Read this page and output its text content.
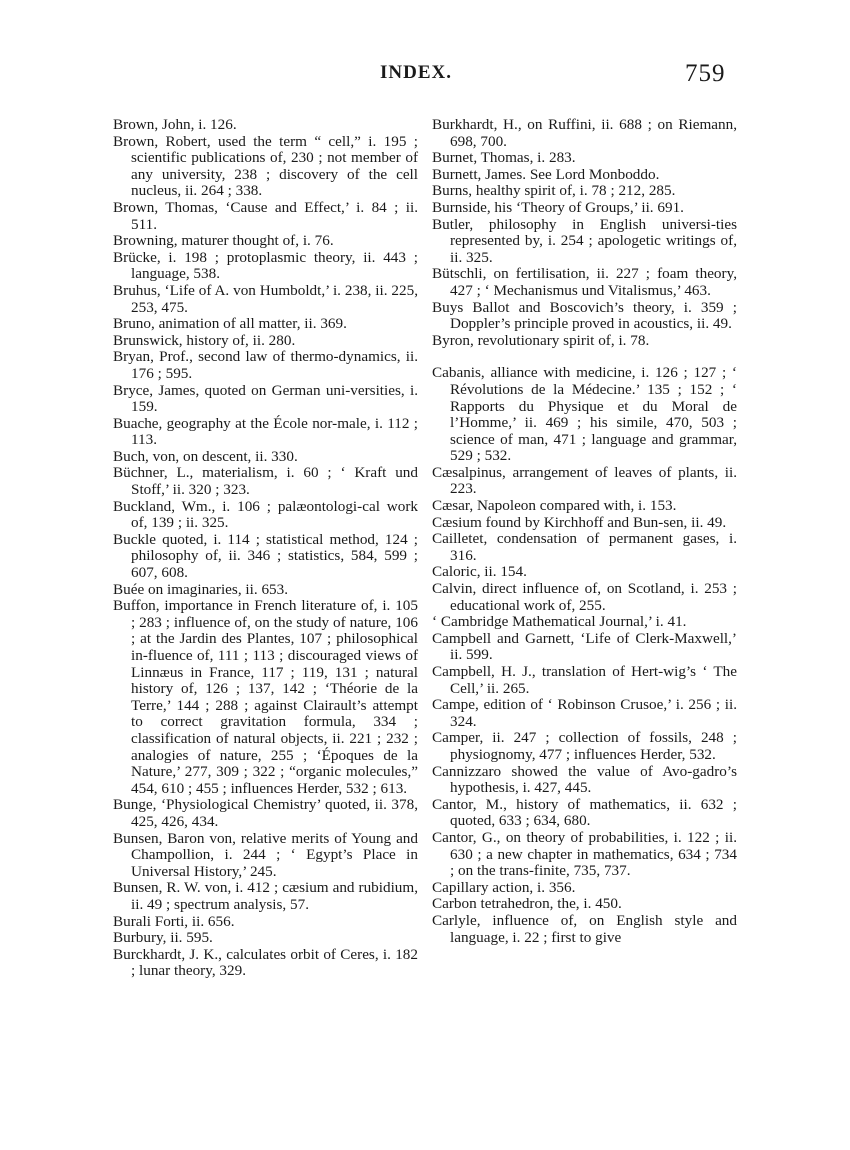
INDEX.	759

Brown, John, i. 126.

Brown, Robert, used the term “ cell,” i. 195 ; scientific publications of, 230 ; not member of any university, 238 ; discovery of the cell nucleus, ii. 264 ; 338.

Brown, Thomas, ‘Cause and Effect,’ i. 84 ; ii. 511.

Browning, maturer thought of, i. 76.

Brücke, i. 198 ; protoplasmic theory, ii. 443 ; language, 538.

Bruhus, ‘Life of A. von Humboldt,’ i. 238, ii. 225, 253, 475.

Bruno, animation of all matter, ii. 369.

Brunswick, history of, ii. 280.

Bryan, Prof., second law of thermo-dynamics, ii. 176 ; 595.

Bryce, James, quoted on German uni-versities, i. 159.

Buache, geography at the École nor-male, i. 112 ; 113.

Buch, von, on descent, ii. 330.

Büchner, L., materialism, i. 60 ; ‘ Kraft und Stoff,’ ii. 320 ; 323.

Buckland, Wm., i. 106 ; palæontologi-cal work of, 139 ; ii. 325.

Buckle quoted, i. 114 ; statistical method, 124 ; philosophy of, ii. 346 ; statistics, 584, 599 ; 607, 608.

Buée on imaginaries, ii. 653.

Buffon, importance in French literature of, i. 105 ; 283 ; influence of, on the study of nature, 106 ; at the Jardin des Plantes, 107 ; philosophical in-fluence of, 111 ; 113 ; discouraged views of Linnæus in France, 117 ; 119, 131 ; natural history of, 126 ; 137, 142 ; ‘Théorie de la Terre,’ 144 ; 288 ; against Clairault’s attempt to correct gravitation formula, 334 ; classification of natural objects, ii. 221 ; 232 ; analogies of nature, 255 ; ‘Époques de la Nature,’ 277, 309 ; 322 ; “organic molecules,” 454, 610 ; 455 ; influences Herder, 532 ; 613.

Bunge, ‘Physiological Chemistry’ quoted, ii. 378, 425, 426, 434.

Bunsen, Baron von, relative merits of Young and Champollion, i. 244 ; ‘ Egypt’s Place in Universal History,’ 245.

Bunsen, R. W. von, i. 412 ; cæsium and rubidium, ii. 49 ; spectrum analysis, 57.

Burali Forti, ii. 656.

Burbury, ii. 595.

Burckhardt, J. K., calculates orbit of Ceres, i. 182 ; lunar theory, 329.

Burkhardt, H., on Ruffini, ii. 688 ; on Riemann, 698, 700.

Burnet, Thomas, i. 283.

Burnett, James. See Lord Monboddo.

Burns, healthy spirit of, i. 78 ; 212, 285.

Burnside, his ‘Theory of Groups,’ ii. 691.

Butler, philosophy in English universi-ties represented by, i. 254 ; apologetic writings of, ii. 325.

Bütschli, on fertilisation, ii. 227 ; foam theory, 427 ; ‘ Mechanismus und Vitalismus,’ 463.

Buys Ballot and Boscovich’s theory, i. 359 ; Doppler’s principle proved in acoustics, ii. 49.

Byron, revolutionary spirit of, i. 78.

Cabanis, alliance with medicine, i. 126 ; 127 ; ‘ Révolutions de la Médecine.’ 135 ; 152 ; ‘ Rapports du Physique et du Moral de l’Homme,’ ii. 469 ; his simile, 470, 503 ; science of man, 471 ; language and grammar, 529 ; 532.

Cæsalpinus, arrangement of leaves of plants, ii. 223.

Cæsar, Napoleon compared with, i. 153.

Cæsium found by Kirchhoff and Bun-sen, ii. 49.

Cailletet, condensation of permanent gases, i. 316.

Caloric, ii. 154.

Calvin, direct influence of, on Scotland, i. 253 ; educational work of, 255.

‘ Cambridge Mathematical Journal,’ i. 41.

Campbell and Garnett, ‘Life of Clerk-Maxwell,’ ii. 599.

Campbell, H. J., translation of Hert-wig’s ‘ The Cell,’ ii. 265.

Campe, edition of ‘ Robinson Crusoe,’ i. 256 ; ii. 324.

Camper, ii. 247 ; collection of fossils, 248 ; physiognomy, 477 ; influences Herder, 532.

Cannizzaro showed the value of Avo-gadro’s hypothesis, i. 427, 445.

Cantor, M., history of mathematics, ii. 632 ; quoted, 633 ; 634, 680.

Cantor, G., on theory of probabilities, i. 122 ; ii. 630 ; a new chapter in mathematics, 634 ; 734 ; on the trans-finite, 735, 737.

Capillary action, i. 356.

Carbon tetrahedron, the, i. 450.

Carlyle, influence of, on English style and language, i. 22 ; first to give
